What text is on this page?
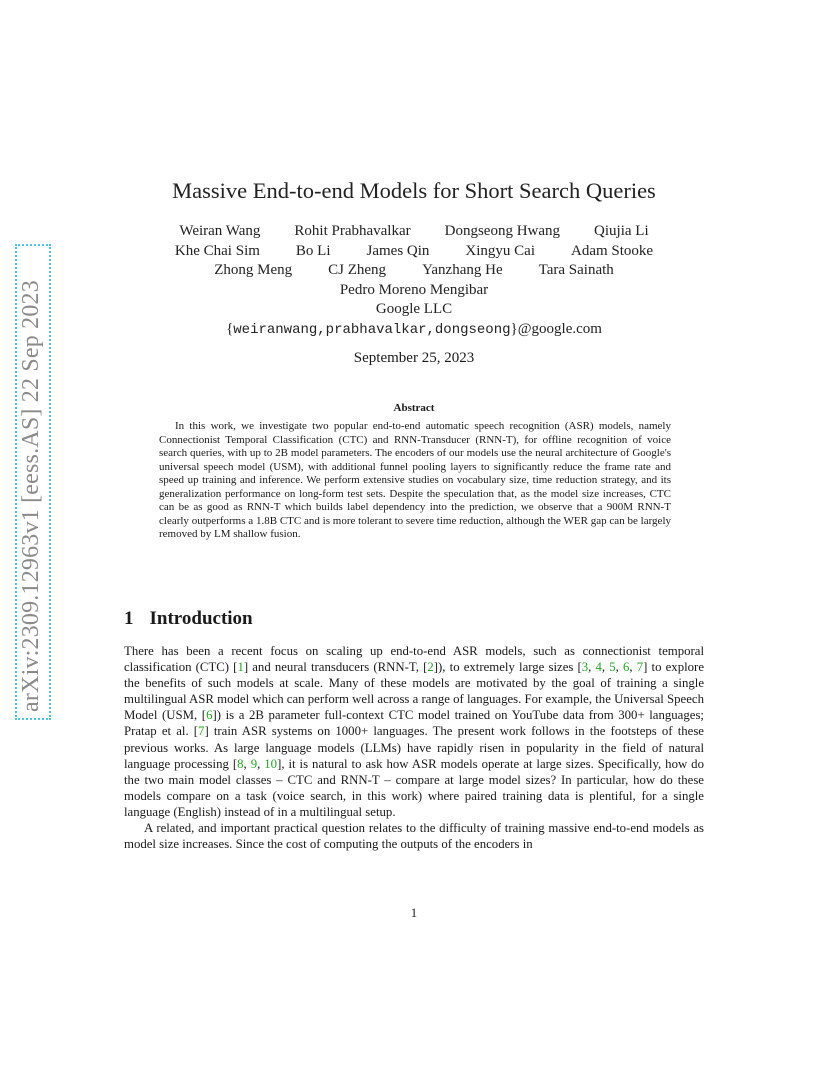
arXiv:2309.12963v1 [eess.AS] 22 Sep 2023
Massive End-to-end Models for Short Search Queries
Weiran Wang Rohit Prabhavalkar Dongseong Hwang Qiujia Li
Khe Chai Sim Bo Li James Qin Xingyu Cai Adam Stooke
Zhong Meng CJ Zheng Yanzhang He Tara Sainath
Pedro Moreno Mengibar
Google LLC
{weiranwang,prabhavalkar,dongseong}@google.com
September 25, 2023
Abstract

In this work, we investigate two popular end-to-end automatic speech recognition (ASR) models, namely Connectionist Temporal Classification (CTC) and RNN-Transducer (RNN-T), for offline recognition of voice search queries, with up to 2B model parameters. The encoders of our models use the neural architecture of Google's universal speech model (USM), with additional funnel pooling layers to significantly reduce the frame rate and speed up training and inference. We perform extensive studies on vocabulary size, time reduction strategy, and its generalization performance on long-form test sets. Despite the speculation that, as the model size increases, CTC can be as good as RNN-T which builds label dependency into the prediction, we observe that a 900M RNN-T clearly outperforms a 1.8B CTC and is more tolerant to severe time reduction, although the WER gap can be largely removed by LM shallow fusion.

1 Introduction

There has been a recent focus on scaling up end-to-end ASR models, such as connectionist temporal classification (CTC) [1] and neural transducers (RNN-T, [2]), to extremely large sizes [3, 4, 5, 6, 7] to explore the benefits of such models at scale. Many of these models are motivated by the goal of training a single multilingual ASR model which can perform well across a range of languages. For example, the Universal Speech Model (USM, [6]) is a 2B parameter full-context CTC model trained on YouTube data from 300+ languages; Pratap et al. [7] train ASR systems on 1000+ languages. The present work follows in the footsteps of these previous works. As large language models (LLMs) have rapidly risen in popularity in the field of natural language processing [8, 9, 10], it is natural to ask how ASR models operate at large sizes. Specifically, how do the two main model classes – CTC and RNN-T – compare at large model sizes? In particular, how do these models compare on a task (voice search, in this work) where paired training data is plentiful, for a single language (English) instead of in a multilingual setup.

A related, and important practical question relates to the difficulty of training massive end-to-end models as model size increases. Since the cost of computing the outputs of the encoders in

1
